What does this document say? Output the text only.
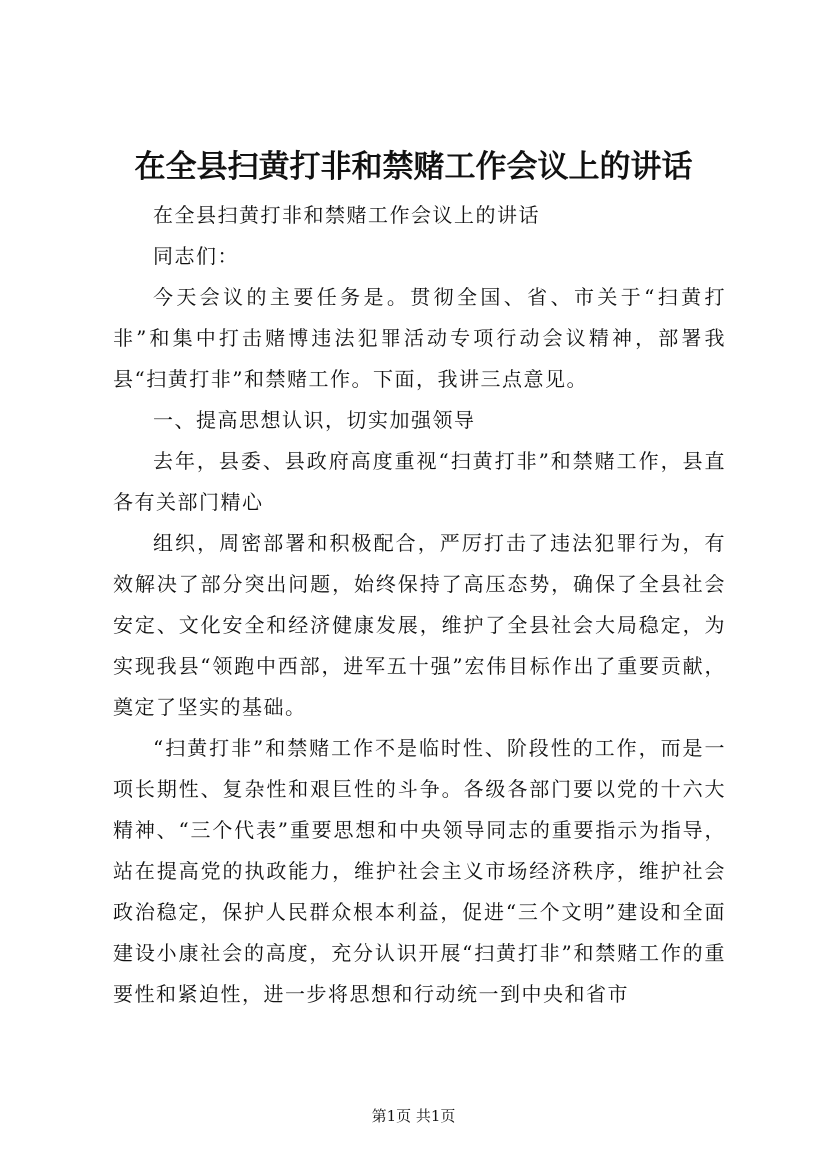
在全县扫黄打非和禁赌工作会议上的讲话

在全县扫黄打非和禁赌工作会议上的讲话

同志们：

今天会议的主要任务是。贯彻全国、省、市关于“扫黄打非”和集中打击赌博违法犯罪活动专项行动会议精神，部署我县“扫黄打非”和禁赌工作。下面，我讲三点意见。

一、提高思想认识，切实加强领导

去年，县委、县政府高度重视“扫黄打非”和禁赌工作，县直各有关部门精心

组织，周密部署和积极配合，严厉打击了违法犯罪行为，有效解决了部分突出问题，始终保持了高压态势，确保了全县社会安定、文化安全和经济健康发展，维护了全县社会大局稳定，为实现我县“领跑中西部，进军五十强”宏伟目标作出了重要贡献，奠定了坚实的基础。

“扫黄打非”和禁赌工作不是临时性、阶段性的工作，而是一项长期性、复杂性和艰巨性的斗争。各级各部门要以党的十六大精神、“三个代表”重要思想和中央领导同志的重要指示为指导，站在提高党的执政能力，维护社会主义市场经济秩序，维护社会政治稳定，保护人民群众根本利益，促进“三个文明”建设和全面建设小康社会的高度，充分认识开展“扫黄打非”和禁赌工作的重要性和紧迫性，进一步将思想和行动统一到中央和省市

第1页 共1页
